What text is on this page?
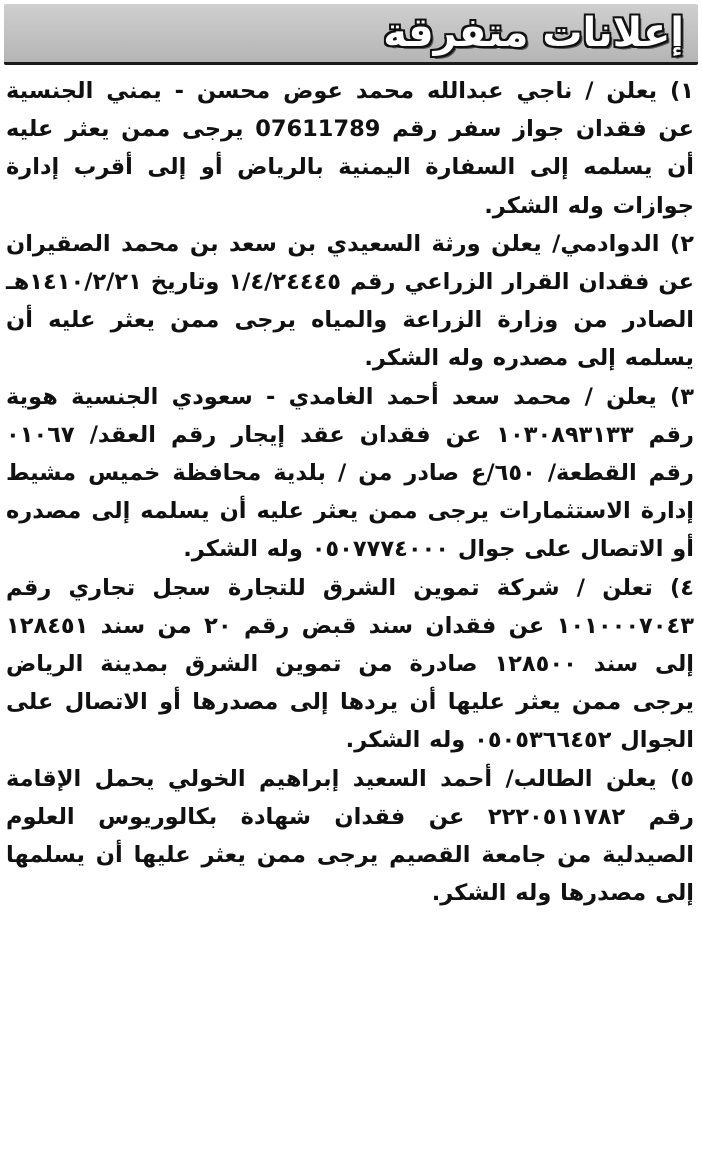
إعلانات متفرقة

١) يعلن / ناجي عبدالله محمد عوض محسن - يمني الجنسية عن فقدان جواز سفر رقم 07611789 يرجى ممن يعثر عليه أن يسلمه إلى السفارة اليمنية بالرياض أو إلى أقرب إدارة جوازات وله الشكر.

٢) الدوادمي/ يعلن ورثة السعيدي بن سعد بن محمد الصقيران عن فقدان القرار الزراعي رقم ١/٤/٢٤٤٤٥ وتاريخ ١٤١٠/٢/٢١هـ الصادر من وزارة الزراعة والمياه يرجى ممن يعثر عليه أن يسلمه إلى مصدره وله الشكر.

٣) يعلن / محمد سعد أحمد الغامدي - سعودي الجنسية هوية رقم ١٠٣٠٨٩٣١٣٣ عن فقدان عقد إيجار رقم العقد/ ٠١٠٦٧ رقم القطعة/ ٦٥٠/ع صادر من / بلدية محافظة خميس مشيط إدارة الاستثمارات يرجى ممن يعثر عليه أن يسلمه إلى مصدره أو الاتصال على جوال ٠٥٠٧٧٧٤٠٠٠ وله الشكر.

٤) تعلن / شركة تموين الشرق للتجارة سجل تجاري رقم ١٠١٠٠٠٧٠٤٣ عن فقدان سند قبض رقم ٢٠ من سند ١٢٨٤٥١ إلى سند ١٢٨٥٠٠ صادرة من تموين الشرق بمدينة الرياض يرجى ممن يعثر عليها أن يردها إلى مصدرها أو الاتصال على الجوال ٠٥٠٥٣٦٦٤٥٢ وله الشكر.

٥) يعلن الطالب/ أحمد السعيد إبراهيم الخولي يحمل الإقامة رقم ٢٢٢٠٥١١٧٨٢ عن فقدان شهادة بكالوريوس العلوم الصيدلية من جامعة القصيم يرجى ممن يعثر عليها أن يسلمها إلى مصدرها وله الشكر.
